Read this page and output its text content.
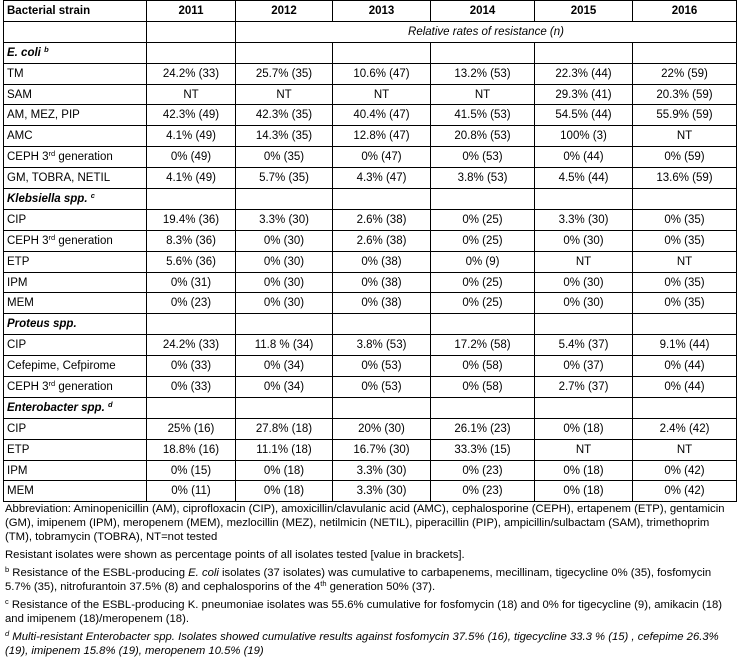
Bacterial strain	2011	2012	2013	2014	2015	2016
		Relative rates of resistance (n)				
E. coli $^b$						
TM	24.2% (33)	25.7% (35)	10.6% (47)	13.2% (53)	22.3% (44)	22% (59)
SAM	NT	NT	NT	NT	29.3% (41)	20.3% (59)
AM, MEZ, PIP	42.3% (49)	42.3% (35)	40.4% (47)	41.5% (53)	54.5% (44)	55.9% (59)
AMC	4.1% (49)	14.3% (35)	12.8% (47)	20.8% (53)	100% (3)	NT
CEPH 3rd generation	0% (49)	0% (35)	0% (47)	0% (53)	0% (44)	0% (59)
GM, TOBRA, NETIL	4.1% (49)	5.7% (35)	4.3% (47)	3.8% (53)	4.5% (44)	13.6% (59)
Klebsiella spp. $^c$						
CIP	19.4% (36)	3.3% (30)	2.6% (38)	0% (25)	3.3% (30)	0% (35)
CEPH 3rd generation	8.3% (36)	0% (30)	2.6% (38)	0% (25)	0% (30)	0% (35)
ETP	5.6% (36)	0% (30)	0% (38)	0% (9)	NT	NT
IPM	0% (31)	0% (30)	0% (38)	0% (25)	0% (30)	0% (35)
MEM	0% (23)	0% (30)	0% (38)	0% (25)	0% (30)	0% (35)
Proteus spp.						
CIP	24.2% (33)	11.8 % (34)	3.8% (53)	17.2% (58)	5.4% (37)	9.1% (44)
Cefepime, Cefpirome	0% (33)	0% (34)	0% (53)	0% (58)	0% (37)	0% (44)
CEPH 3rd generation	0% (33)	0% (34)	0% (53)	0% (58)	2.7% (37)	0% (44)
Enterobacter spp. $^d$						
CIP	25% (16)	27.8% (18)	20% (30)	26.1% (23)	0% (18)	2.4% (42)
ETP	18.8% (16)	11.1% (18)	16.7% (30)	33.3% (15)	NT	NT
IPM	0% (15)	0% (18)	3.3% (30)	0% (23)	0% (18)	0% (42)
MEM	0% (11)	0% (18)	3.3% (30)	0% (23)	0% (18)	0% (42)

Abbreviation: Aminopenicillin (AM), ciprofloxacin (CIP), amoxicillin/clavulanic acid (AMC), cephalosporine (CEPH), ertapenem (ETP), gentamicin (GM), imipenem (IPM), meropenem (MEM), mezlocillin (MEZ), netilmicin (NETIL), piperacillin (PIP), ampicillin/sulbactam (SAM), trimethoprim (TM), tobramycin (TOBRA), NT=not tested

Resistant isolates were shown as percentage points of all isolates tested [value in brackets].

$^b$ Resistance of the ESBL-producing E. coli isolates (37 isolates) was cumulative to carbapenems, mecillinam, tigecycline 0% (35), fosfomycin 5.7% (35), nitrofurantoin 37.5% (8) and cephalosporins of the 4th generation 50% (37).

$^c$ Resistance of the ESBL-producing K. pneumoniae isolates was 55.6% cumulative for fosfomycin (18) and 0% for tigecycline (9), amikacin (18) and imipenem (18)/meropenem (18).

$^d$ Multi-resistant Enterobacter spp. Isolates showed cumulative results against fosfomycin 37.5% (16), tigecycline 33.3 % (15) , cefepime 26.3% (19), imipenem 15.8% (19), meropenem 10.5% (19)
